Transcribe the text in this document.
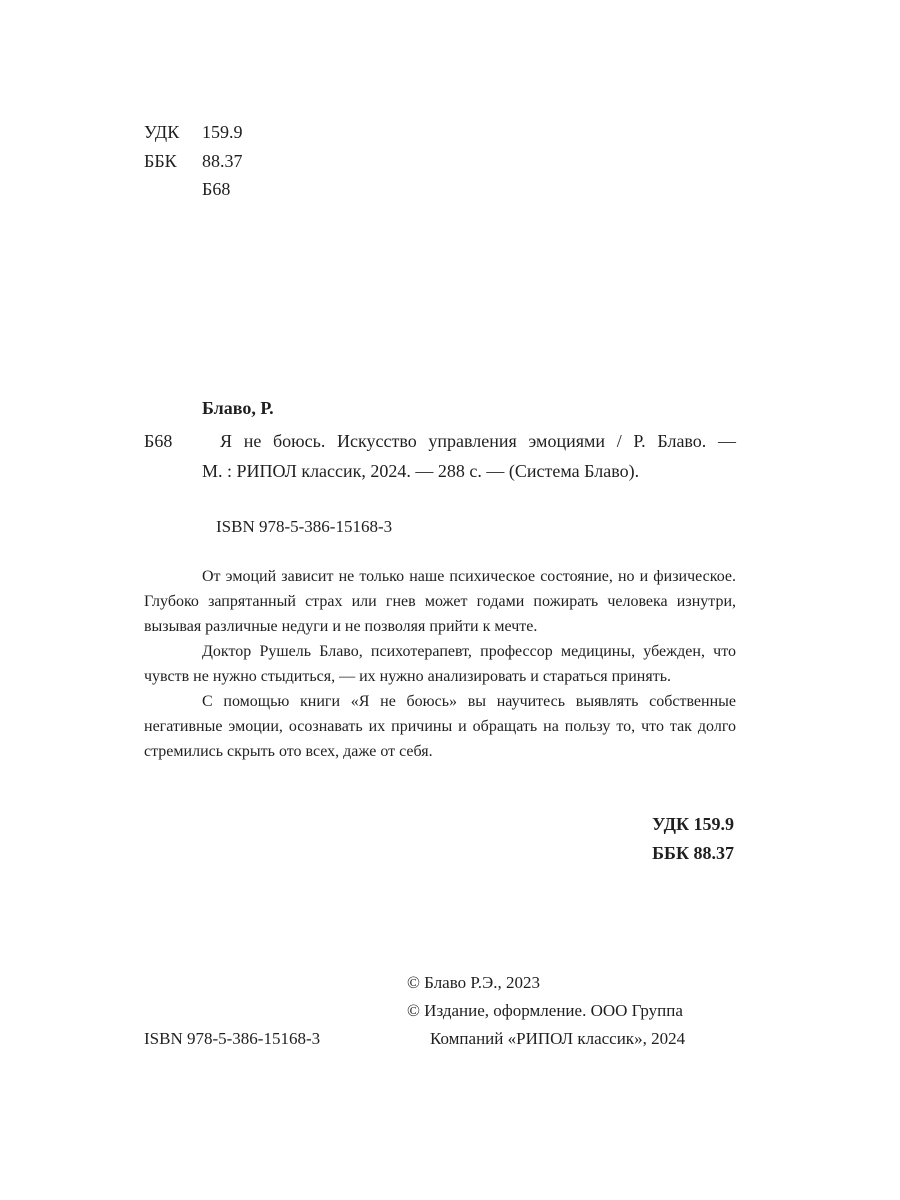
УДК 159.9
ББК 88.37
Б68
Блаво, Р.
Б68	Я не боюсь. Искусство управления эмоциями / Р. Блаво. —
М. : РИПОЛ классик, 2024. — 288 с. — (Система Блаво).
ISBN 978-5-386-15168-3

От эмоций зависит не только наше психическое состояние, но и физическое. Глубоко запрятанный страх или гнев может годами пожирать человека изнутри, вызывая различные недуги и не позволяя прийти к мечте.

Доктор Рушель Блаво, психотерапевт, профессор медицины, убежден, что чувств не нужно стыдиться, — их нужно анализировать и стараться принять.

С помощью книги «Я не боюсь» вы научитесь выявлять собственные негативные эмоции, осознавать их причины и обращать на пользу то, что так долго стремились скрыть ото всех, даже от себя.

УДК 159.9
ББК 88.37
© Блаво Р.Э., 2023
© Издание, оформление. ООО Группа
Компаний «РИПОЛ классик», 2024
ISBN 978-5-386-15168-3
